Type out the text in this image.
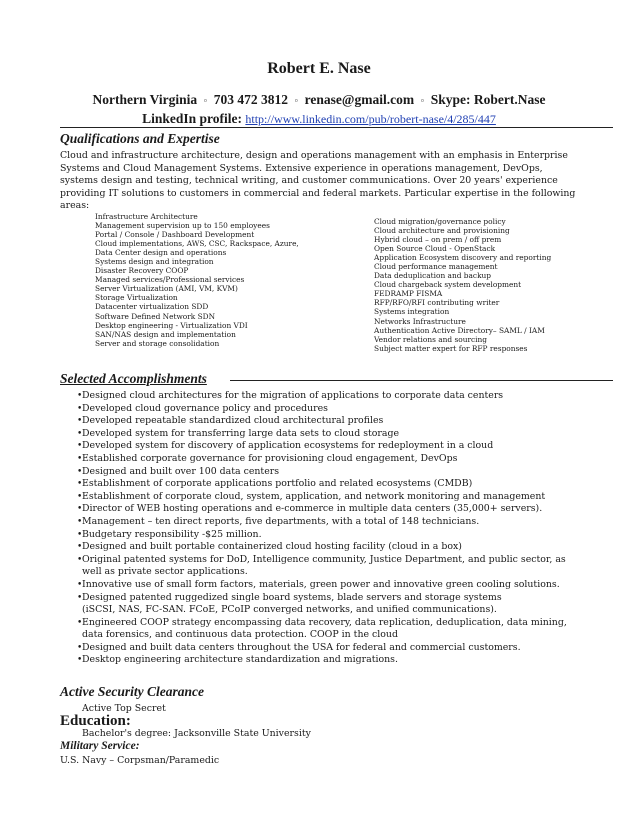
Robert E. Nase
Northern Virginia ◦ 703 472 3812 ◦ renase@gmail.com ◦ Skype: Robert.Nase
LinkedIn profile: http://www.linkedin.com/pub/robert-nase/4/285/447
Qualifications and Expertise
Cloud and infrastructure architecture, design and operations management with an emphasis in Enterprise Systems and Cloud Management Systems. Extensive experience in operations management, DevOps, systems design and testing, technical writing, and customer communications. Over 20 years' experience providing IT solutions to customers in commercial and federal markets. Particular expertise in the following areas:
Infrastructure Architecture
Management supervision up to 150 employees
Portal / Console / Dashboard Development
Cloud implementations, AWS, CSC, Rackspace, Azure,
Data Center design and operations
Systems design and integration
Disaster Recovery COOP
Managed services/Professional services
Server Virtualization (AMI, VM, KVM)
Storage Virtualization
Datacenter virtualization SDD
Software Defined Network SDN
Desktop engineering - Virtualization VDI
SAN/NAS design and implementation
Server and storage consolidation
Cloud migration/governance policy
Cloud architecture and provisioning
Hybrid cloud – on prem / off prem
Open Source Cloud - OpenStack
Application Ecosystem discovery and reporting
Cloud performance management
Data deduplication and backup
Cloud chargeback system development
FEDRAMP FISMA
RFP/RFO/RFI contributing writer
Systems integration
Networks Infrastructure
Authentication Active Directory– SAML / IAM
Vendor relations and sourcing
Subject matter expert for RFP responses
Selected Accomplishments
• Designed cloud architectures for the migration of applications to corporate data centers
• Developed cloud governance policy and procedures
• Developed repeatable standardized cloud architectural profiles
• Developed system for transferring large data sets to cloud storage
• Developed system for discovery of application ecosystems for redeployment in a cloud
• Established corporate governance for provisioning cloud engagement, DevOps
• Designed and built over 100 data centers
• Establishment of corporate applications portfolio and related ecosystems (CMDB)
• Establishment of corporate cloud, system, application, and network monitoring and management
• Director of WEB hosting operations and e-commerce in multiple data centers (35,000+ servers).
• Management – ten direct reports, five departments, with a total of 148 technicians.
• Budgetary responsibility -$25 million.
• Designed and built portable containerized cloud hosting facility (cloud in a box)
• Original patented systems for DoD, Intelligence community, Justice Department, and public sector, as
well as private sector applications.
• Innovative use of small form factors, materials, green power and innovative green cooling solutions.
• Designed patented ruggedized single board systems, blade servers and storage systems
(iSCSI, NAS, FC-SAN. FCoE, PCoIP converged networks, and unified communications).
• Engineered COOP strategy encompassing data recovery, data replication, deduplication, data mining,
data forensics, and continuous data protection. COOP in the cloud
• Designed and built data centers throughout the USA for federal and commercial customers.
• Desktop engineering architecture standardization and migrations.
Active Security Clearance
Active Top Secret
Education:
Bachelor's degree: Jacksonville State University
Military Service:
U.S. Navy – Corpsman/Paramedic
